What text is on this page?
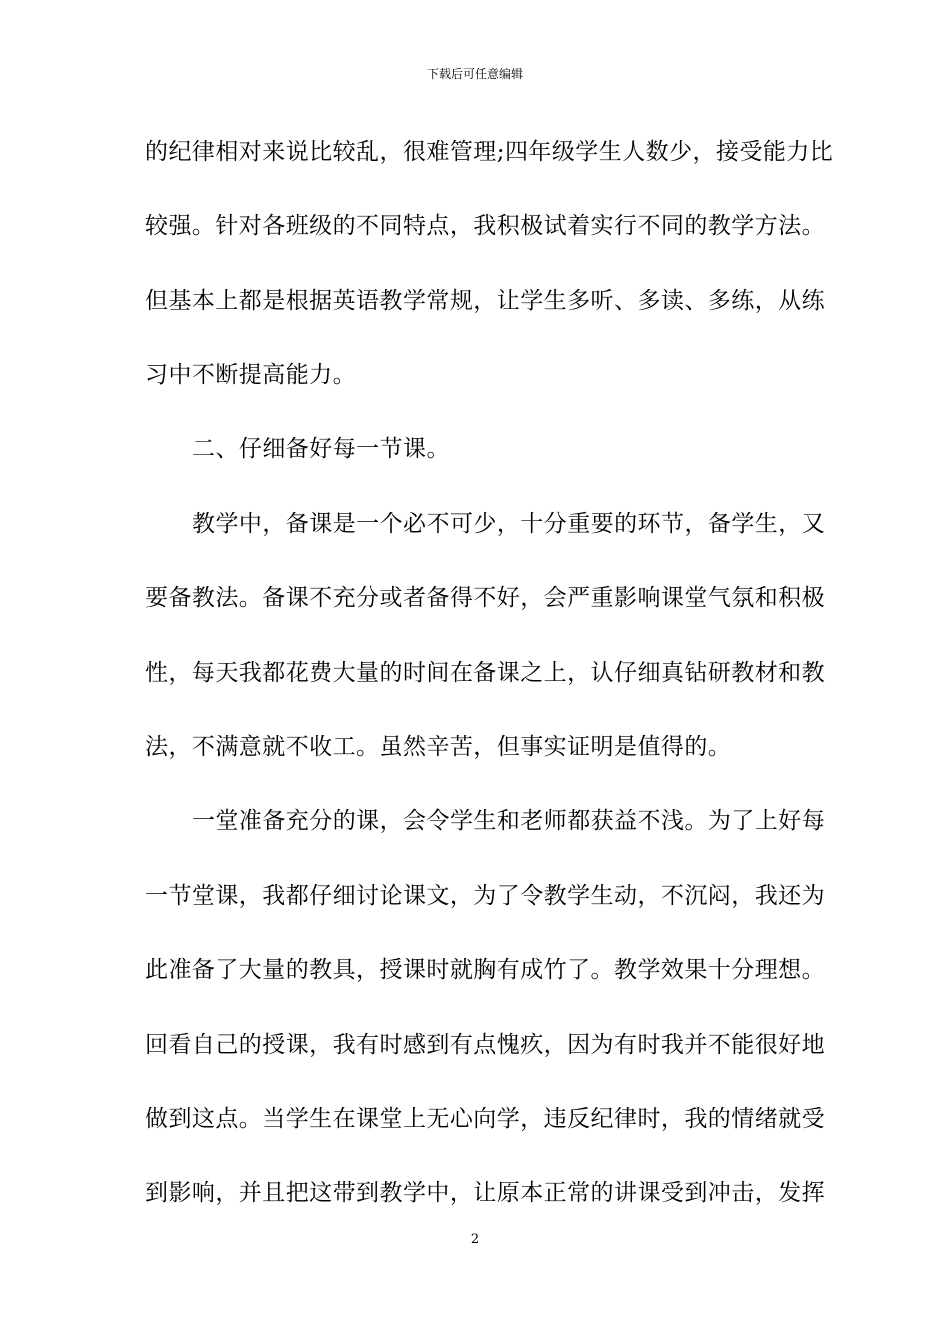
下载后可任意编辑
的纪律相对来说比较乱，很难管理;四年级学生人数少，接受能力比
较强。针对各班级的不同特点，我积极试着实行不同的教学方法。
但基本上都是根据英语教学常规，让学生多听、多读、多练，从练
习中不断提高能力。
二、仔细备好每一节课。
教学中，备课是一个必不可少，十分重要的环节，备学生，又
要备教法。备课不充分或者备得不好，会严重影响课堂气氛和积极
性，每天我都花费大量的时间在备课之上，认仔细真钻研教材和教
法，不满意就不收工。虽然辛苦，但事实证明是值得的。
一堂准备充分的课，会令学生和老师都获益不浅。为了上好每
一节堂课，我都仔细讨论课文，为了令教学生动，不沉闷，我还为
此准备了大量的教具，授课时就胸有成竹了。教学效果十分理想。
回看自己的授课，我有时感到有点愧疚，因为有时我并不能很好地
做到这点。当学生在课堂上无心向学，违反纪律时，我的情绪就受
到影响，并且把这带到教学中，让原本正常的讲课受到冲击，发挥
2
